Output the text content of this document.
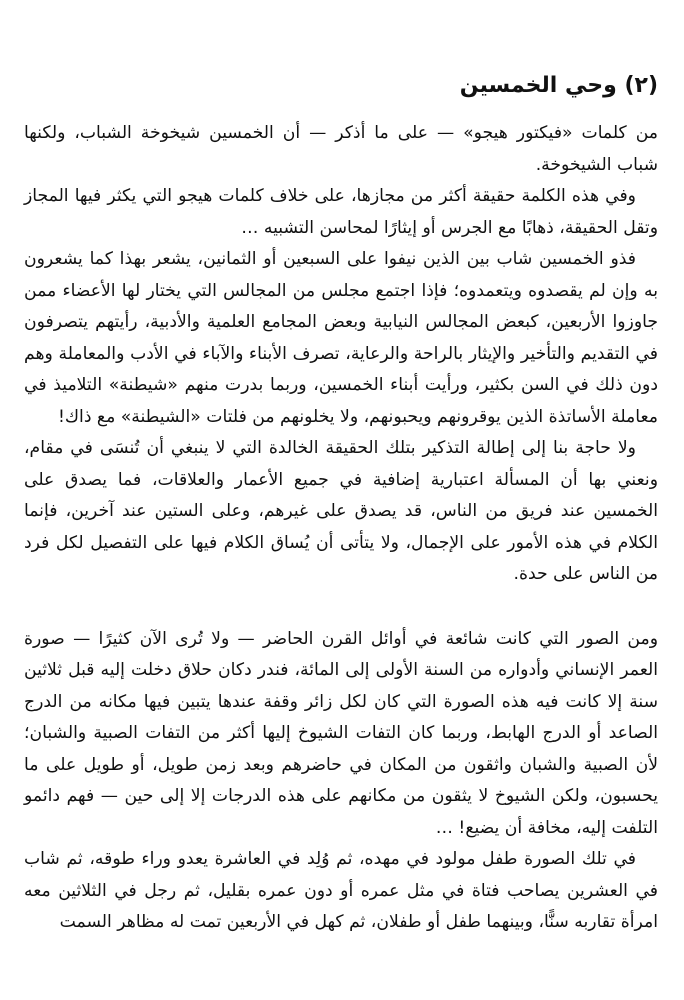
(٢) وحي الخمسين

من كلمات «فيكتور هيجو» — على ما أذكر — أن الخمسين شيخوخة الشباب، ولكنها شباب الشيخوخة.

وفي هذه الكلمة حقيقة أكثر من مجازها، على خلاف كلمات هيجو التي يكثر فيها المجاز وتقل الحقيقة، ذهابًا مع الجرس أو إيثارًا لمحاسن التشبيه …

فذو الخمسين شاب بين الذين نيفوا على السبعين أو الثمانين، يشعر بهذا كما يشعرون به وإن لم يقصدوه ويتعمدوه؛ فإذا اجتمع مجلس من المجالس التي يختار لها الأعضاء ممن جاوزوا الأربعين، كبعض المجالس النيابية وبعض المجامع العلمية والأدبية، رأيتهم يتصرفون في التقديم والتأخير والإيثار بالراحة والرعاية، تصرف الأبناء والآباء في الأدب والمعاملة وهم دون ذلك في السن بكثير، ورأيت أبناء الخمسين، وربما بدرت منهم «شيطنة» التلاميذ في معاملة الأساتذة الذين يوقرونهم ويحبونهم، ولا يخلونهم من فلتات «الشيطنة» مع ذاك!

ولا حاجة بنا إلى إطالة التذكير بتلك الحقيقة الخالدة التي لا ينبغي أن تُنسَى في مقام، ونعني بها أن المسألة اعتبارية إضافية في جميع الأعمار والعلاقات، فما يصدق على الخمسين عند فريق من الناس، قد يصدق على غيرهم، وعلى الستين عند آخرين، فإنما الكلام في هذه الأمور على الإجمال، ولا يتأتى أن يُساق الكلام فيها على التفصيل لكل فرد من الناس على حدة.

ومن الصور التي كانت شائعة في أوائل القرن الحاضر — ولا تُرى الآن كثيرًا — صورة العمر الإنساني وأدواره من السنة الأولى إلى المائة، فندر دكان حلاق دخلت إليه قبل ثلاثين سنة إلا كانت فيه هذه الصورة التي كان لكل زائر وقفة عندها يتبين فيها مكانه من الدرج الصاعد أو الدرج الهابط، وربما كان التفات الشيوخ إليها أكثر من التفات الصبية والشبان؛ لأن الصبية والشبان واثقون من المكان في حاضرهم وبعد زمن طويل، أو طويل على ما يحسبون، ولكن الشيوخ لا يثقون من مكانهم على هذه الدرجات إلا إلى حين — فهم دائمو التلفت إليه، مخافة أن يضيع! …

في تلك الصورة طفل مولود في مهده، ثم وُلِد في العاشرة يعدو وراء طوقه، ثم شاب في العشرين يصاحب فتاة في مثل عمره أو دون عمره بقليل، ثم رجل في الثلاثين معه امرأة تقاربه سنًّا، وبينهما طفل أو طفلان، ثم كهل في الأربعين تمت له مظاهر السمت
